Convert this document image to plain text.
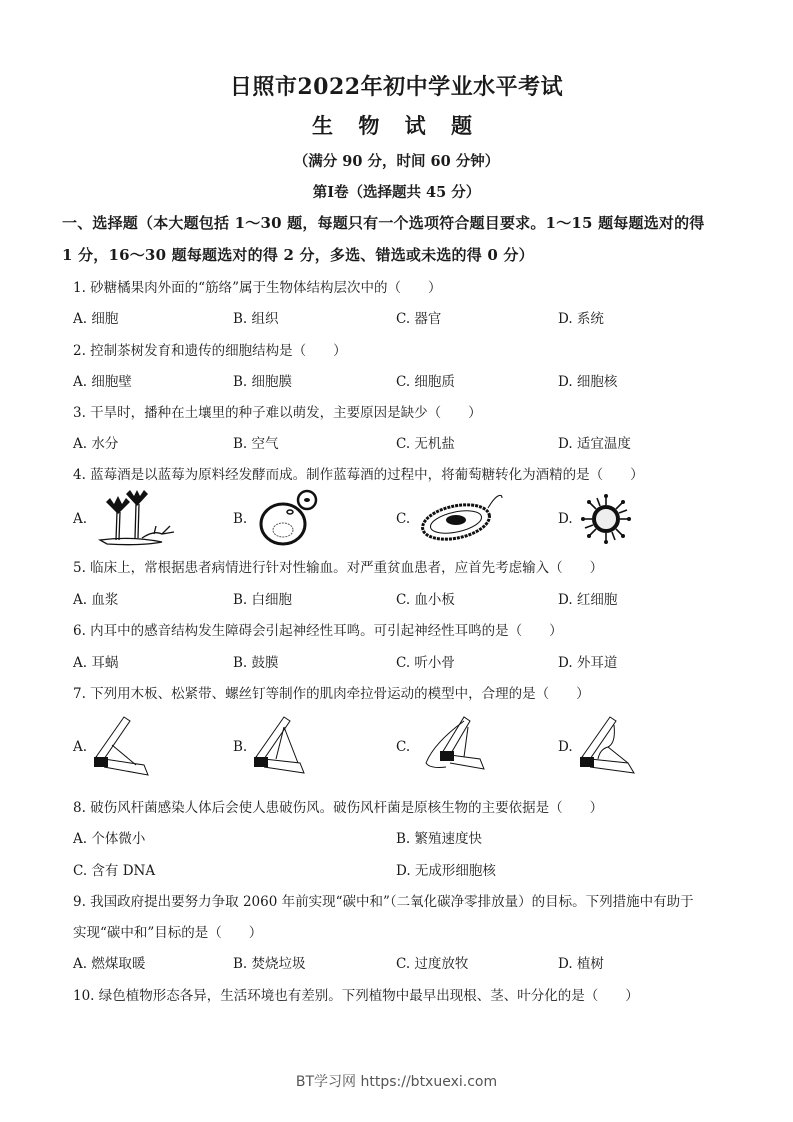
日照市2022年初中学业水平考试
生 物 试 题
（满分 90 分，时间 60 分钟）
第Ⅰ卷（选择题共 45 分）
一、选择题（本大题包括 1～30 题，每题只有一个选项符合题目要求。1～15 题每题选对的得
1 分，16～30 题每题选对的得 2 分，多选、错选或未选的得 0 分）
1. 砂糖橘果肉外面的“筋络”属于生物体结构层次中的（　　）
A. 细胞	B. 组织	C. 器官	D. 系统
2. 控制茶树发育和遗传的细胞结构是（　　）
A. 细胞壁	B. 细胞膜	C. 细胞质	D. 细胞核
3. 干旱时，播种在土壤里的种子难以萌发，主要原因是缺少（　　）
A. 水分	B. 空气	C. 无机盐	D. 适宜温度
4. 蓝莓酒是以蓝莓为原料经发酵而成。制作蓝莓酒的过程中，将葡萄糖转化为酒精的是（　　）
A.	B.	C.	D.
5. 临床上，常根据患者病情进行针对性输血。对严重贫血患者，应首先考虑输入（　　）
A. 血浆	B. 白细胞	C. 血小板	D. 红细胞
6. 内耳中的感音结构发生障碍会引起神经性耳鸣。可引起神经性耳鸣的是（　　）
A. 耳蜗	B. 鼓膜	C. 听小骨	D. 外耳道
7. 下列用木板、松紧带、螺丝钉等制作的肌肉牵拉骨运动的模型中，合理的是（　　）
A.	B.	C.	D.
8. 破伤风杆菌感染人体后会使人患破伤风。破伤风杆菌是原核生物的主要依据是（　　）
A. 个体微小	B. 繁殖速度快
C. 含有 DNA	D. 无成形细胞核
9. 我国政府提出要努力争取 2060 年前实现“碳中和”（二氧化碳净零排放量）的目标。下列措施中有助于
实现“碳中和”目标的是（　　）
A. 燃煤取暖	B. 焚烧垃圾	C. 过度放牧	D. 植树
10. 绿色植物形态各异，生活环境也有差别。下列植物中最早出现根、茎、叶分化的是（　　）
BT学习网 https://btxuexi.com
